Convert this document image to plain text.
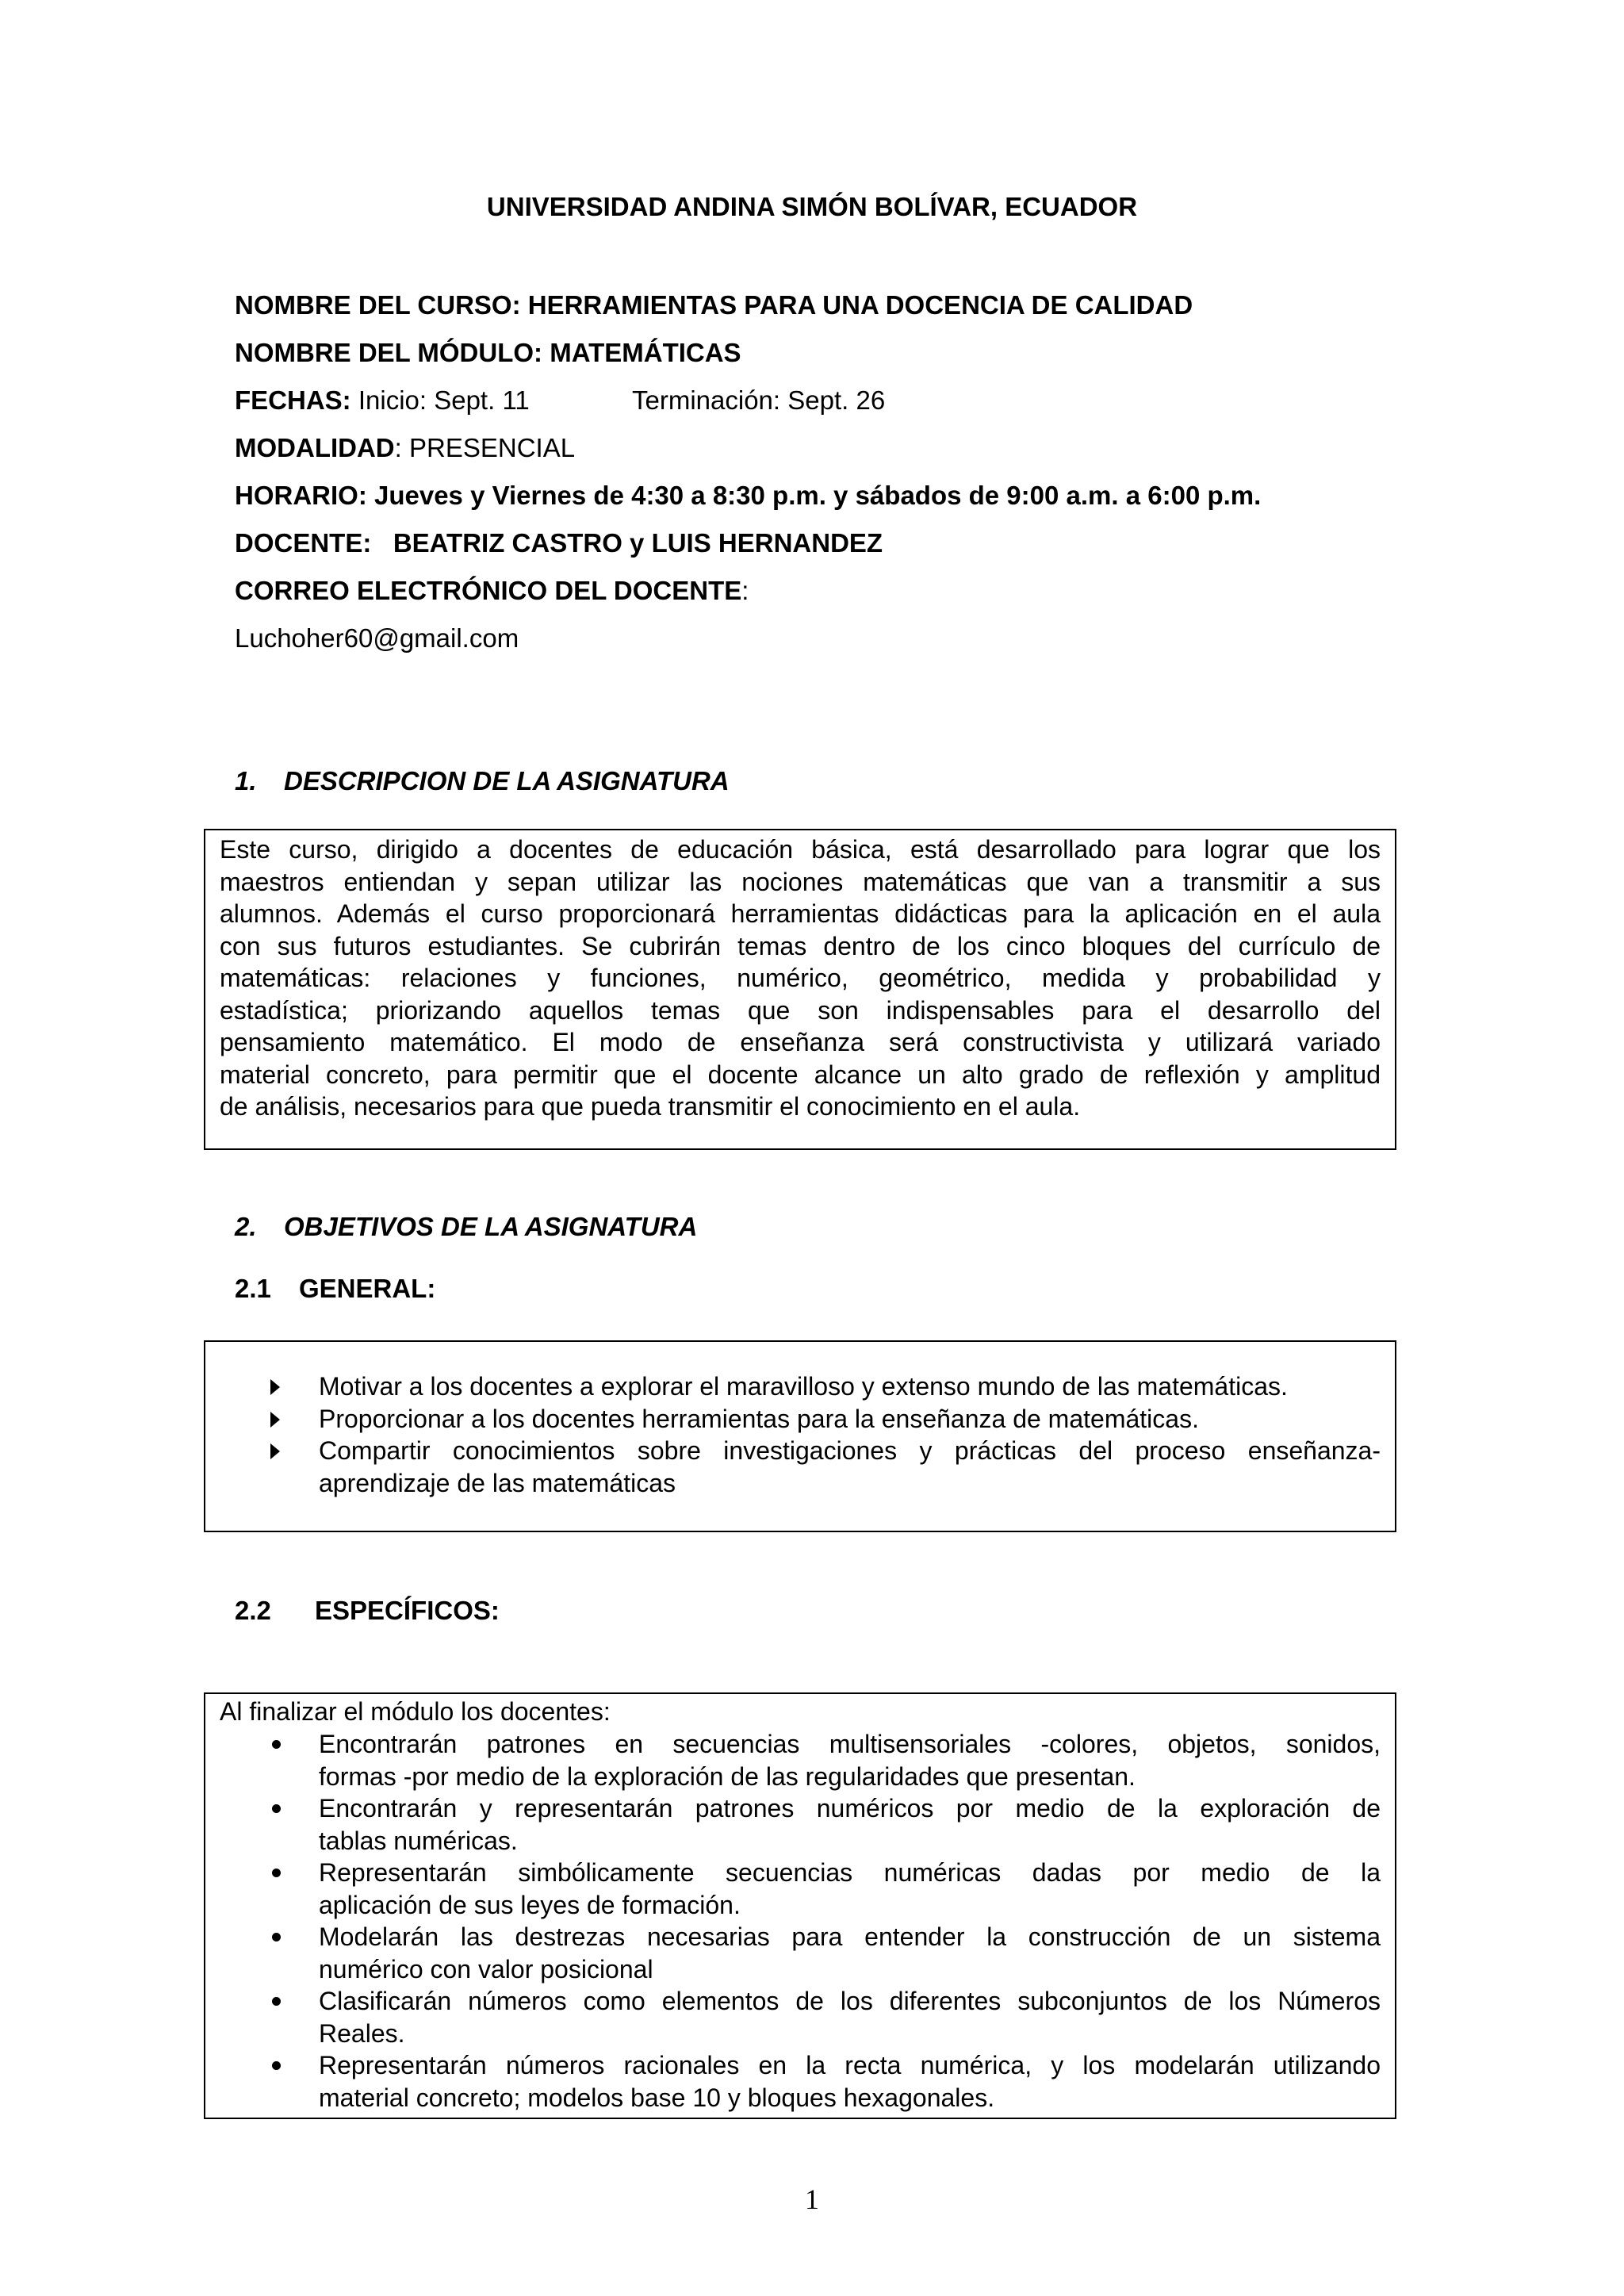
UNIVERSIDAD ANDINA SIMÓN BOLÍVAR, ECUADOR
NOMBRE DEL CURSO: HERRAMIENTAS PARA UNA DOCENCIA DE CALIDAD
NOMBRE DEL MÓDULO: MATEMÁTICAS
FECHAS: Inicio: Sept. 11	Terminación: Sept. 26
MODALIDAD: PRESENCIAL
HORARIO: Jueves y Viernes de 4:30 a 8:30 p.m. y sábados de 9:00 a.m. a 6:00 p.m.
DOCENTE:   BEATRIZ CASTRO y LUIS HERNANDEZ
CORREO ELECTRÓNICO DEL DOCENTE:
Luchoher60@gmail.com
1. DESCRIPCION DE LA ASIGNATURA
Este curso, dirigido a docentes de educación básica, está desarrollado para lograr que los
maestros entiendan y sepan utilizar las nociones matemáticas que van a transmitir a sus
alumnos. Además el curso proporcionará herramientas didácticas para la aplicación en el aula
con sus futuros estudiantes. Se cubrirán temas dentro de los cinco bloques del currículo de
matemáticas: relaciones y funciones, numérico, geométrico, medida y probabilidad y
estadística; priorizando aquellos temas que son indispensables para el desarrollo del
pensamiento matemático. El modo de enseñanza será constructivista y utilizará variado
material concreto, para permitir que el docente alcance un alto grado de reflexión y amplitud
de análisis, necesarios para que pueda transmitir el conocimiento en el aula.
2. OBJETIVOS DE LA ASIGNATURA
2.1 GENERAL:
Motivar a los docentes a explorar el maravilloso y extenso mundo de las matemáticas.
Proporcionar a los docentes herramientas para la enseñanza de matemáticas.
Compartir conocimientos sobre investigaciones y prácticas del proceso enseñanza-
aprendizaje de las matemáticas
2.2 ESPECÍFICOS:
Al finalizar el módulo los docentes:
Encontrarán patrones en secuencias multisensoriales -colores, objetos, sonidos,
formas -por medio de la exploración de las regularidades que presentan.
Encontrarán y representarán patrones numéricos por medio de la exploración de
tablas numéricas.
Representarán simbólicamente secuencias numéricas dadas por medio de la
aplicación de sus leyes de formación.
Modelarán las destrezas necesarias para entender la construcción de un sistema
numérico con valor posicional
Clasificarán números como elementos de los diferentes subconjuntos de los Números
Reales.
Representarán números racionales en la recta numérica, y los modelarán utilizando
material concreto; modelos base 10 y bloques hexagonales.
1
